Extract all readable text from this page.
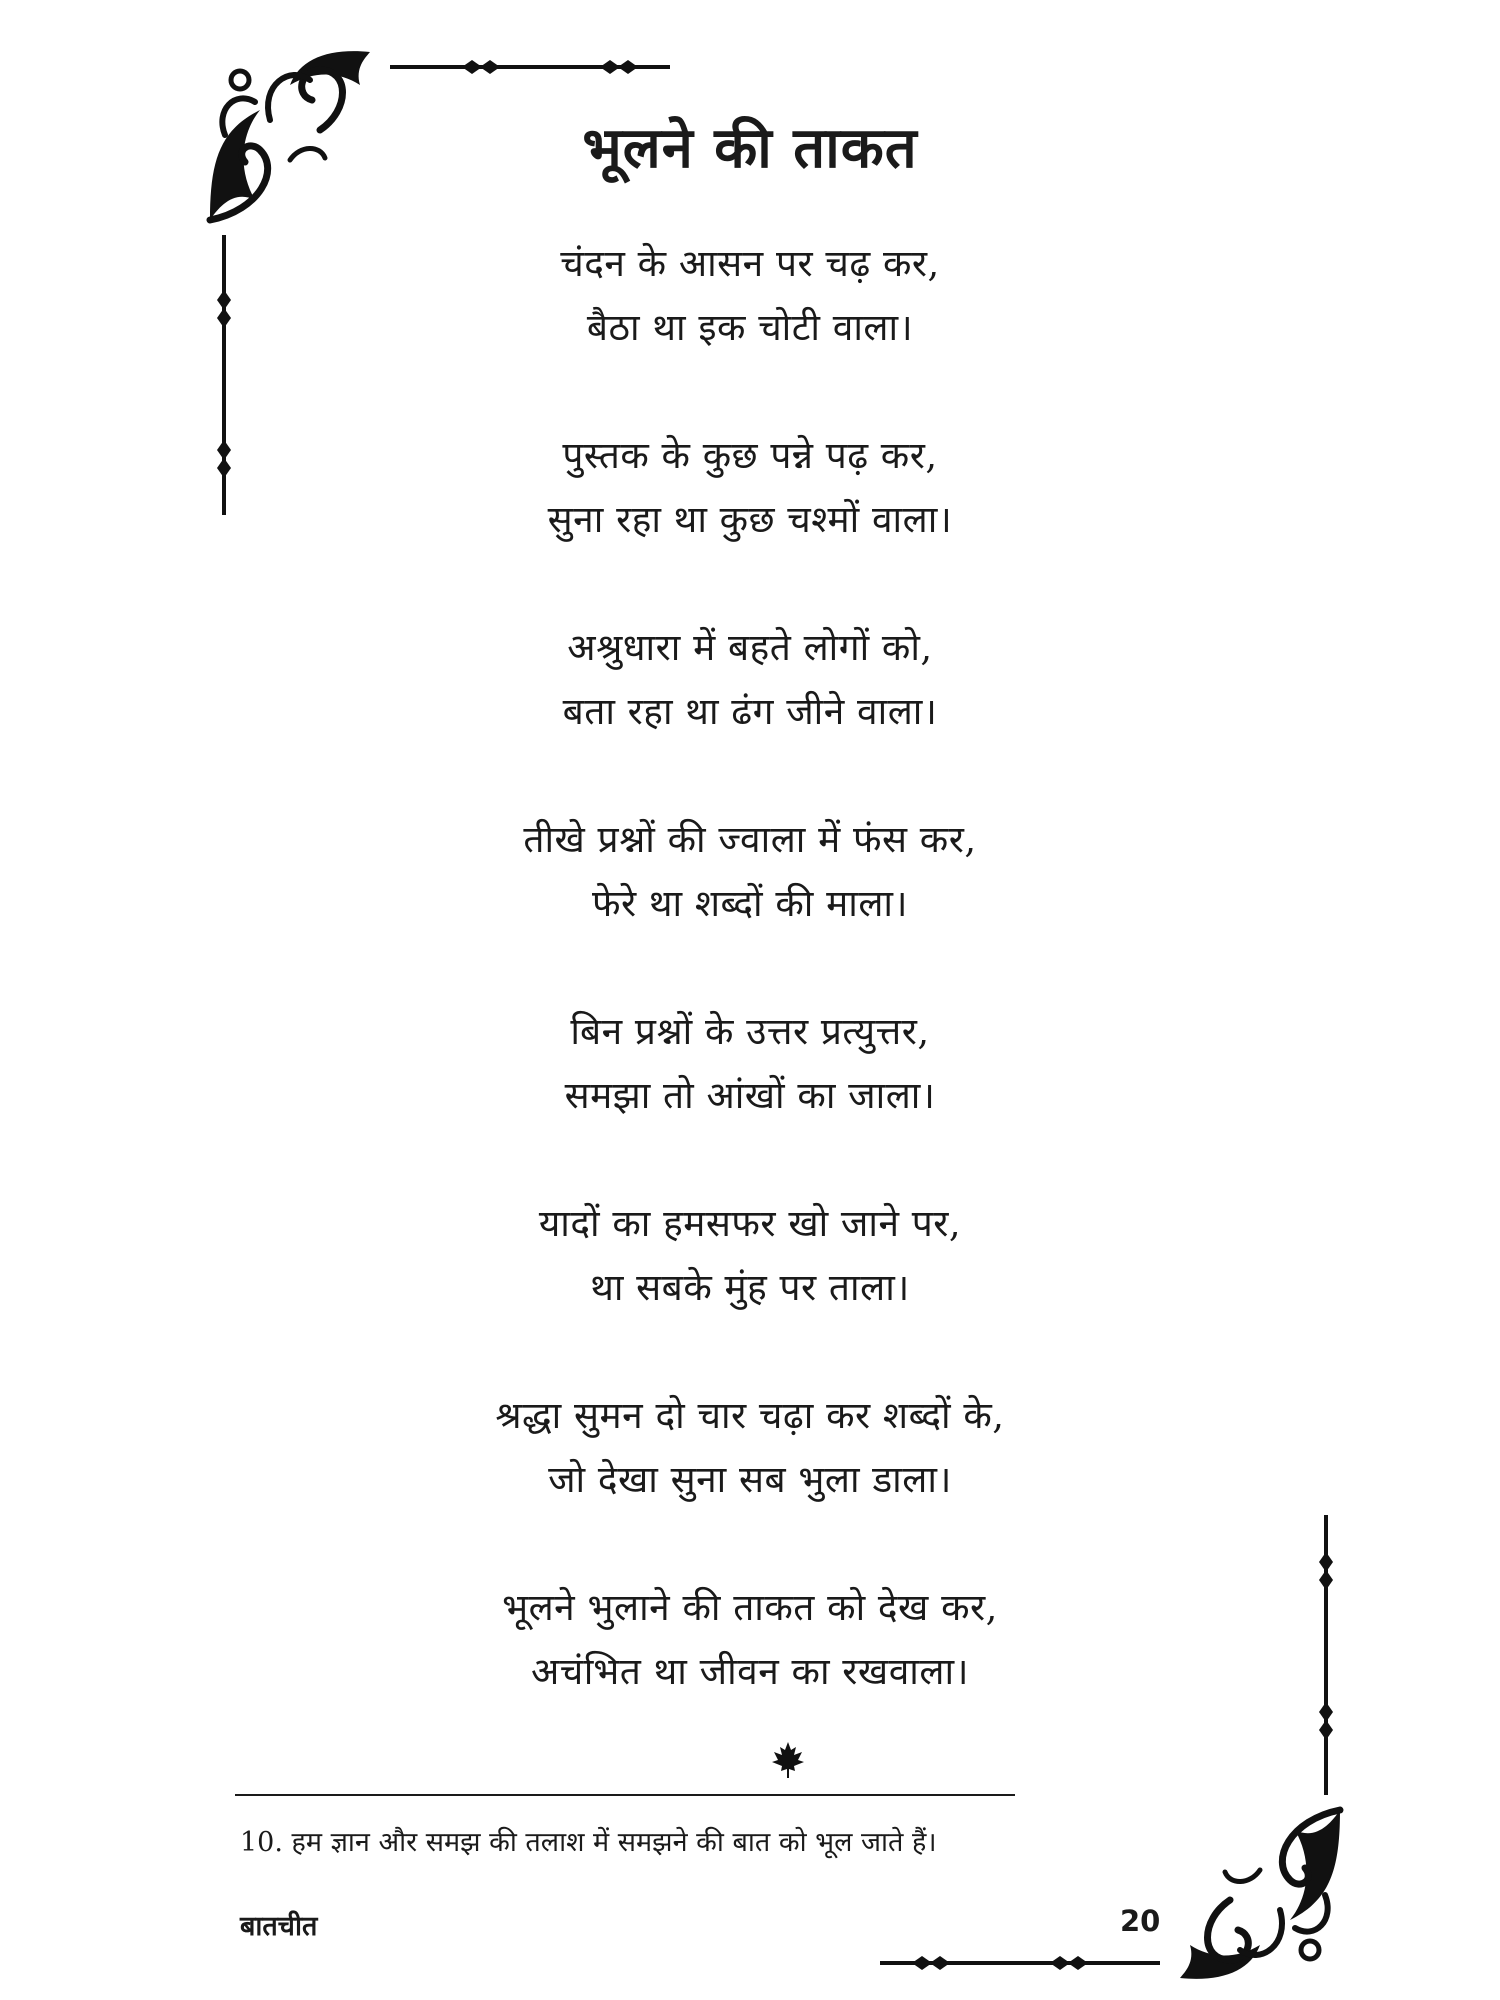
भूलने की ताकत
चंदन के आसन पर चढ़ कर,
बैठा था इक चोटी वाला।
पुस्तक के कुछ पन्ने पढ़ कर,
सुना रहा था कुछ चश्मों वाला।
अश्रुधारा में बहते लोगों को,
बता रहा था ढंग जीने वाला।
तीखे प्रश्नों की ज्वाला में फंस कर,
फेरे था शब्दों की माला।
बिन प्रश्नों के उत्तर प्रत्युत्तर,
समझा तो आंखों का जाला।
यादों का हमसफर खो जाने पर,
था सबके मुंह पर ताला।
श्रद्धा सुमन दो चार चढ़ा कर शब्दों के,
जो देखा सुना सब भुला डाला।
भूलने भुलाने की ताकत को देख कर,
अचंभित था जीवन का रखवाला।
10. हम ज्ञान और समझ की तलाश में समझने की बात को भूल जाते हैं।
बातचीत	20
